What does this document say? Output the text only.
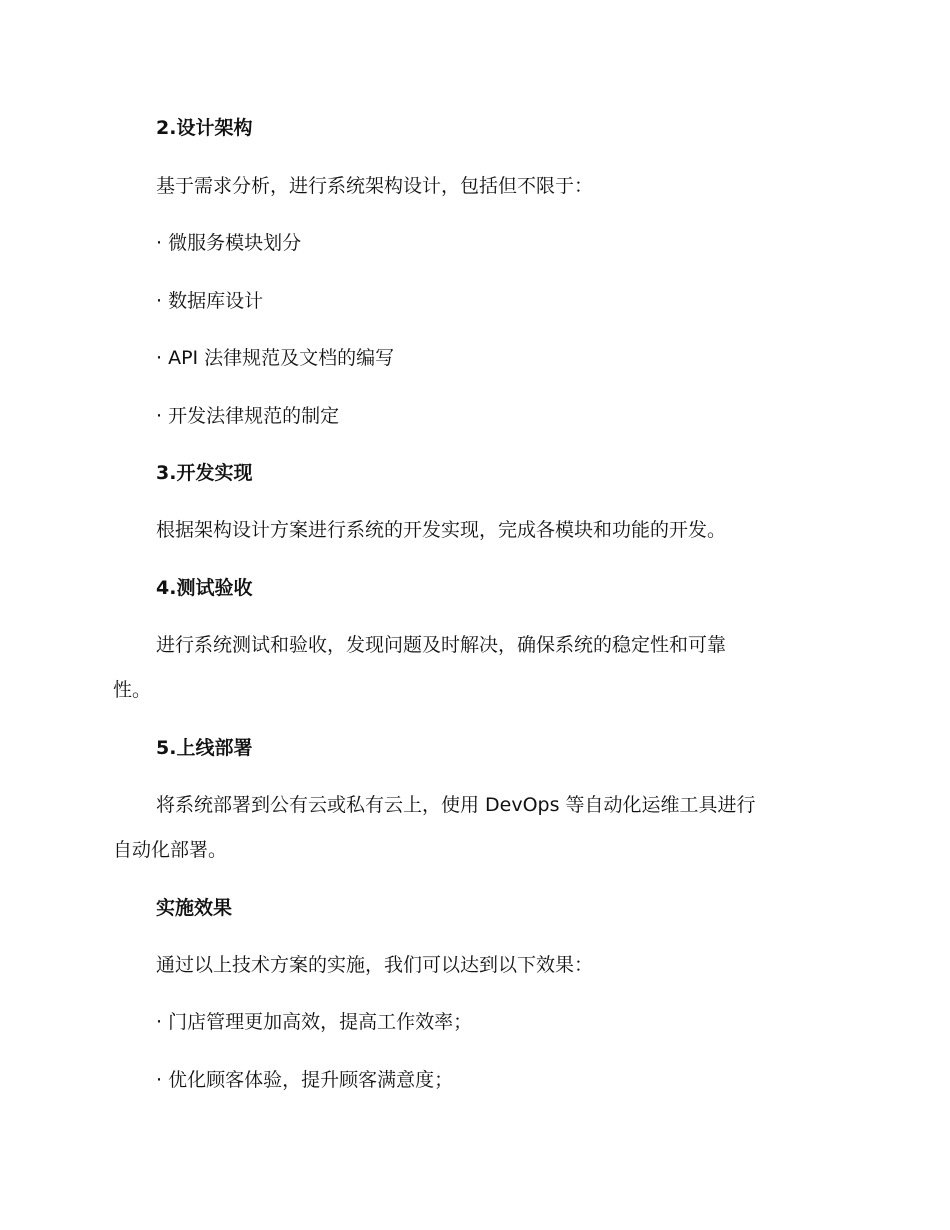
2.设计架构
基于需求分析，进行系统架构设计，包括但不限于：
· 微服务模块划分
· 数据库设计
· API 法律规范及文档的编写
· 开发法律规范的制定
3.开发实现
根据架构设计方案进行系统的开发实现，完成各模块和功能的开发。
4.测试验收
进行系统测试和验收，发现问题及时解决，确保系统的稳定性和可靠
性。
5.上线部署
将系统部署到公有云或私有云上，使用 DevOps 等自动化运维工具进行
自动化部署。
实施效果
通过以上技术方案的实施，我们可以达到以下效果：
· 门店管理更加高效，提高工作效率；
· 优化顾客体验，提升顾客满意度；
